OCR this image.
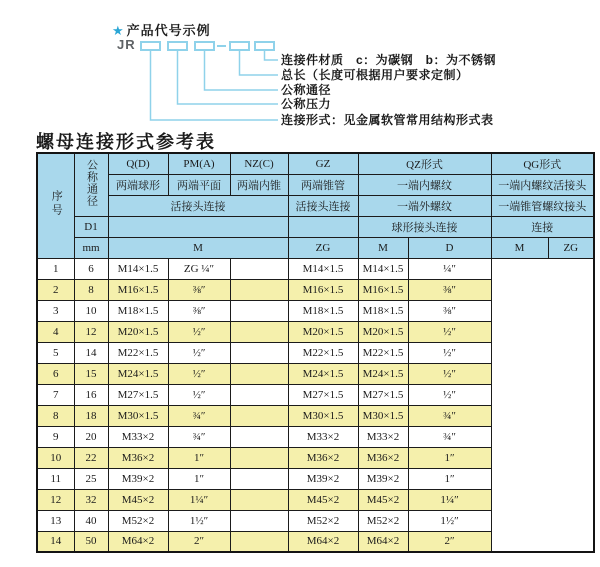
★ 产品代号示例
JR
连接件材质　c：为碳钢　b：为不锈钢
总长（长度可根据用户要求定制）
公称通径
公称压力
连接形式：见金属软管常用结构形式表
螺母连接形式参考表
序号	公称通径	Q(D)	PM(A)	NZ(C)	GZ	QZ形式		QG形式	
		两端球形	两端平面	两端内锥	两端锥管	一端内螺纹		一端内螺纹活接头	
		活接头连接			活接头连接	一端外螺纹		一端锥管螺纹接头	
	D1					球形接头连接		连接	
	mm	M			ZG	M	D	M	ZG
1	6	M14×1.5	ZG ¼″		M14×1.5	M14×1.5	¼″		
2	8	M16×1.5	⅜″		M16×1.5	M16×1.5	⅜″		
3	10	M18×1.5	⅜″		M18×1.5	M18×1.5	⅜″		
4	12	M20×1.5	½″		M20×1.5	M20×1.5	½″		
5	14	M22×1.5	½″		M22×1.5	M22×1.5	½″		
6	15	M24×1.5	½″		M24×1.5	M24×1.5	½″		
7	16	M27×1.5	½″		M27×1.5	M27×1.5	½″		
8	18	M30×1.5	¾″		M30×1.5	M30×1.5	¾″		
9	20	M33×2	¾″		M33×2	M33×2	¾″		
10	22	M36×2	1″		M36×2	M36×2	1″		
11	25	M39×2	1″		M39×2	M39×2	1″		
12	32	M45×2	1¼″		M45×2	M45×2	1¼″		
13	40	M52×2	1½″		M52×2	M52×2	1½″		
14	50	M64×2	2″		M64×2	M64×2	2″		
